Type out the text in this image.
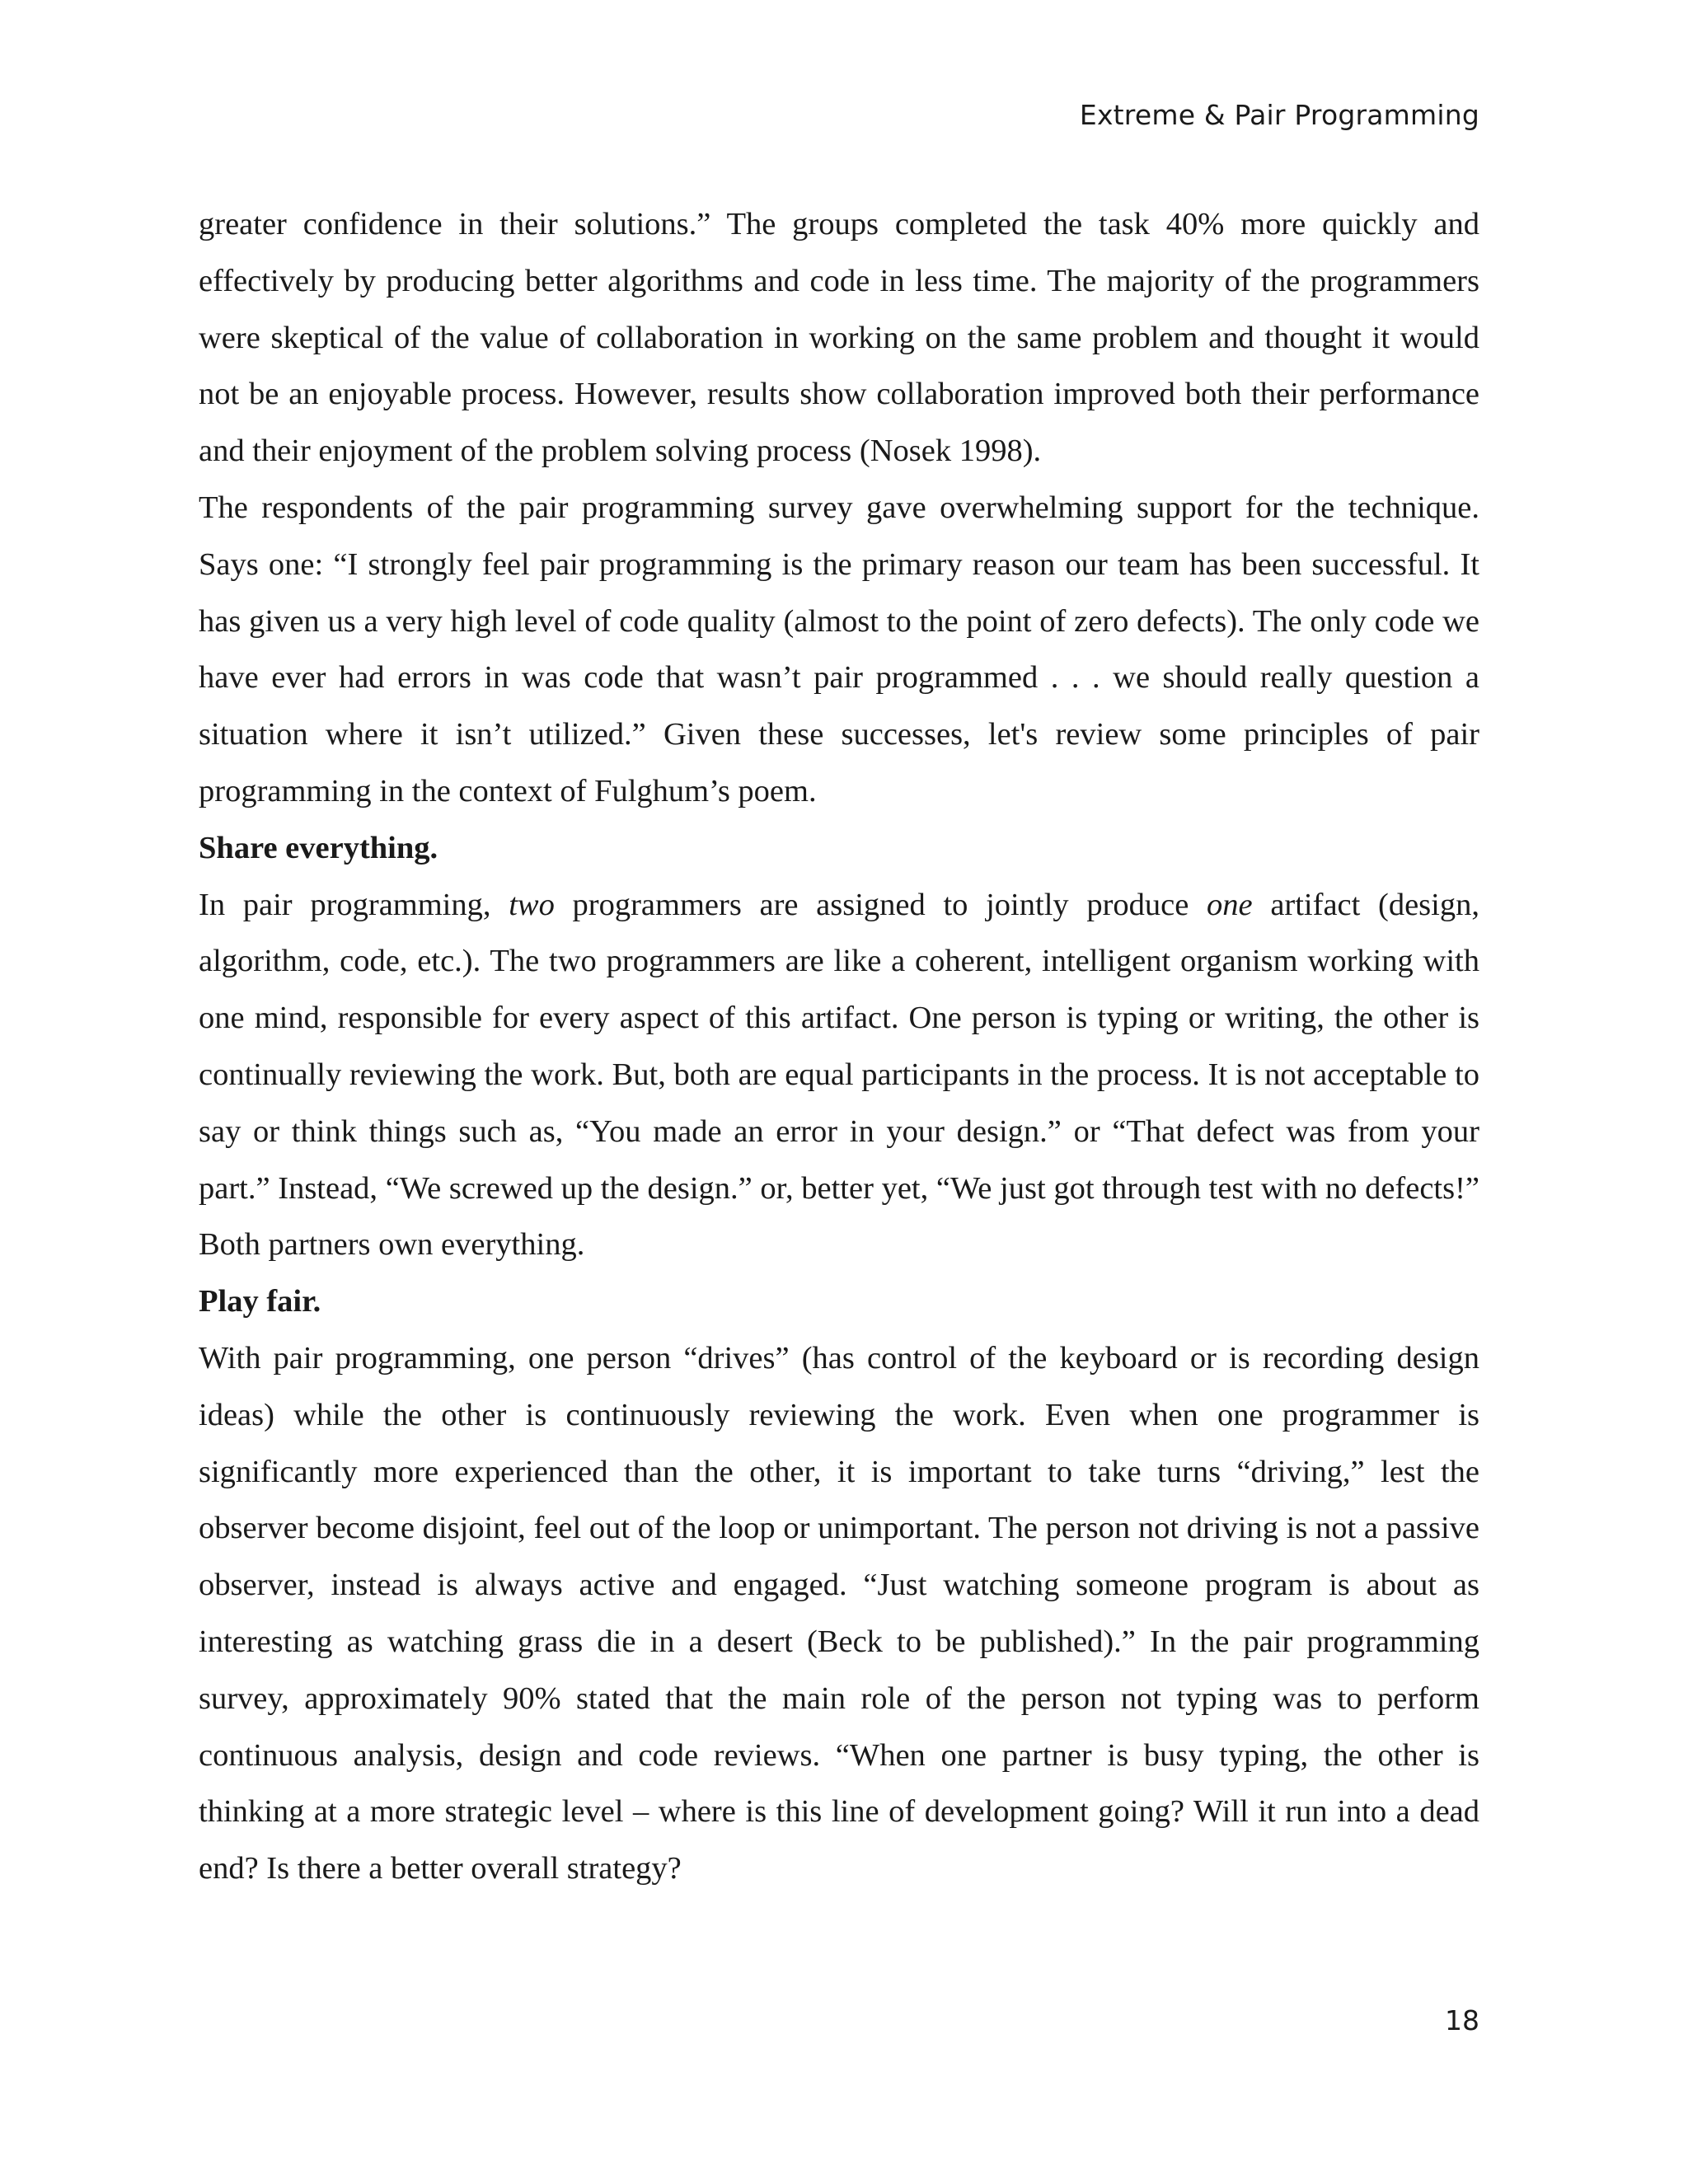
Extreme & Pair Programming

greater confidence in their solutions.” The groups completed the task 40% more quickly and effectively by producing better algorithms and code in less time. The majority of the programmers were skeptical of the value of collaboration in working on the same problem and thought it would not be an enjoyable process. However, results show collaboration improved both their performance and their enjoyment of the problem solving process (Nosek 1998).

The respondents of the pair programming survey gave overwhelming support for the technique. Says one: “I strongly feel pair programming is the primary reason our team has been successful. It has given us a very high level of code quality (almost to the point of zero defects). The only code we have ever had errors in was code that wasn’t pair programmed . . . we should really question a situation where it isn’t utilized.” Given these successes, let's review some principles of pair programming in the context of Fulghum’s poem.

Share everything.

In pair programming, two programmers are assigned to jointly produce one artifact (design, algorithm, code, etc.). The two programmers are like a coherent, intelligent organism working with one mind, responsible for every aspect of this artifact. One person is typing or writing, the other is continually reviewing the work. But, both are equal participants in the process. It is not acceptable to say or think things such as, “You made an error in your design.” or “That defect was from your part.” Instead, “We screwed up the design.” or, better yet, “We just got through test with no defects!” Both partners own everything.

Play fair.

With pair programming, one person “drives” (has control of the keyboard or is recording design ideas) while the other is continuously reviewing the work. Even when one programmer is significantly more experienced than the other, it is important to take turns “driving,” lest the observer become disjoint, feel out of the loop or unimportant. The person not driving is not a passive observer, instead is always active and engaged. “Just watching someone program is about as interesting as watching grass die in a desert (Beck to be published).” In the pair programming survey, approximately 90% stated that the main role of the person not typing was to perform continuous analysis, design and code reviews. “When one partner is busy typing, the other is thinking at a more strategic level – where is this line of development going? Will it run into a dead end? Is there a better overall strategy?

18
